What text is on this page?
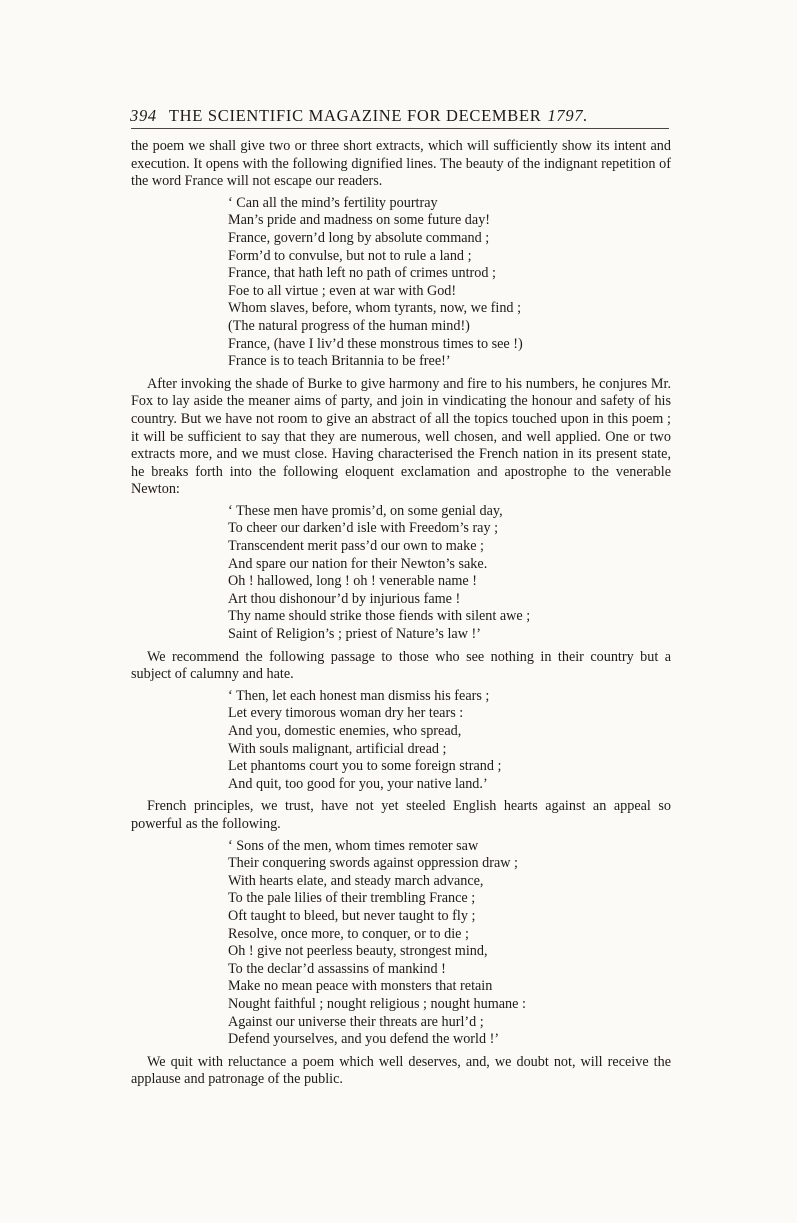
394 THE SCIENTIFIC MAGAZINE FOR DECEMBER 1797.

the poem we shall give two or three short extracts, which will sufficiently show its intent and execution. It opens with the following dignified lines. The beauty of the indignant repetition of the word France will not escape our readers.

‘ Can all the mind’s fertility pourtray
Man’s pride and madness on some future day!
France, govern’d long by absolute command ;
Form’d to convulse, but not to rule a land ;
France, that hath left no path of crimes untrod ;
Foe to all virtue ; even at war with God!
Whom slaves, before, whom tyrants, now, we find ;
(The natural progress of the human mind!)
France, (have I liv’d these monstrous times to see !)
France is to teach Britannia to be free!’

After invoking the shade of Burke to give harmony and fire to his numbers, he conjures Mr. Fox to lay aside the meaner aims of party, and join in vindicating the honour and safety of his country. But we have not room to give an abstract of all the topics touched upon in this poem ; it will be sufficient to say that they are numerous, well chosen, and well applied. One or two extracts more, and we must close. Having characterised the French nation in its present state, he breaks forth into the following eloquent exclamation and apostrophe to the venerable Newton:

‘ These men have promis’d, on some genial day,
To cheer our darken’d isle with Freedom’s ray ;
Transcendent merit pass’d our own to make ;
And spare our nation for their Newton’s sake.
Oh ! hallowed, long ! oh ! venerable name !
Art thou dishonour’d by injurious fame !
Thy name should strike those fiends with silent awe ;
Saint of Religion’s ; priest of Nature’s law !’

We recommend the following passage to those who see nothing in their country but a subject of calumny and hate.

‘ Then, let each honest man dismiss his fears ;
Let every timorous woman dry her tears :
And you, domestic enemies, who spread,
With souls malignant, artificial dread ;
Let phantoms court you to some foreign strand ;
And quit, too good for you, your native land.’

French principles, we trust, have not yet steeled English hearts against an appeal so powerful as the following.

‘ Sons of the men, whom times remoter saw
Their conquering swords against oppression draw ;
With hearts elate, and steady march advance,
To the pale lilies of their trembling France ;
Oft taught to bleed, but never taught to fly ;
Resolve, once more, to conquer, or to die ;
Oh ! give not peerless beauty, strongest mind,
To the declar’d assassins of mankind !
Make no mean peace with monsters that retain
Nought faithful ; nought religious ; nought humane :
Against our universe their threats are hurl’d ;
Defend yourselves, and you defend the world !’

We quit with reluctance a poem which well deserves, and, we doubt not, will receive the applause and patronage of the public.
